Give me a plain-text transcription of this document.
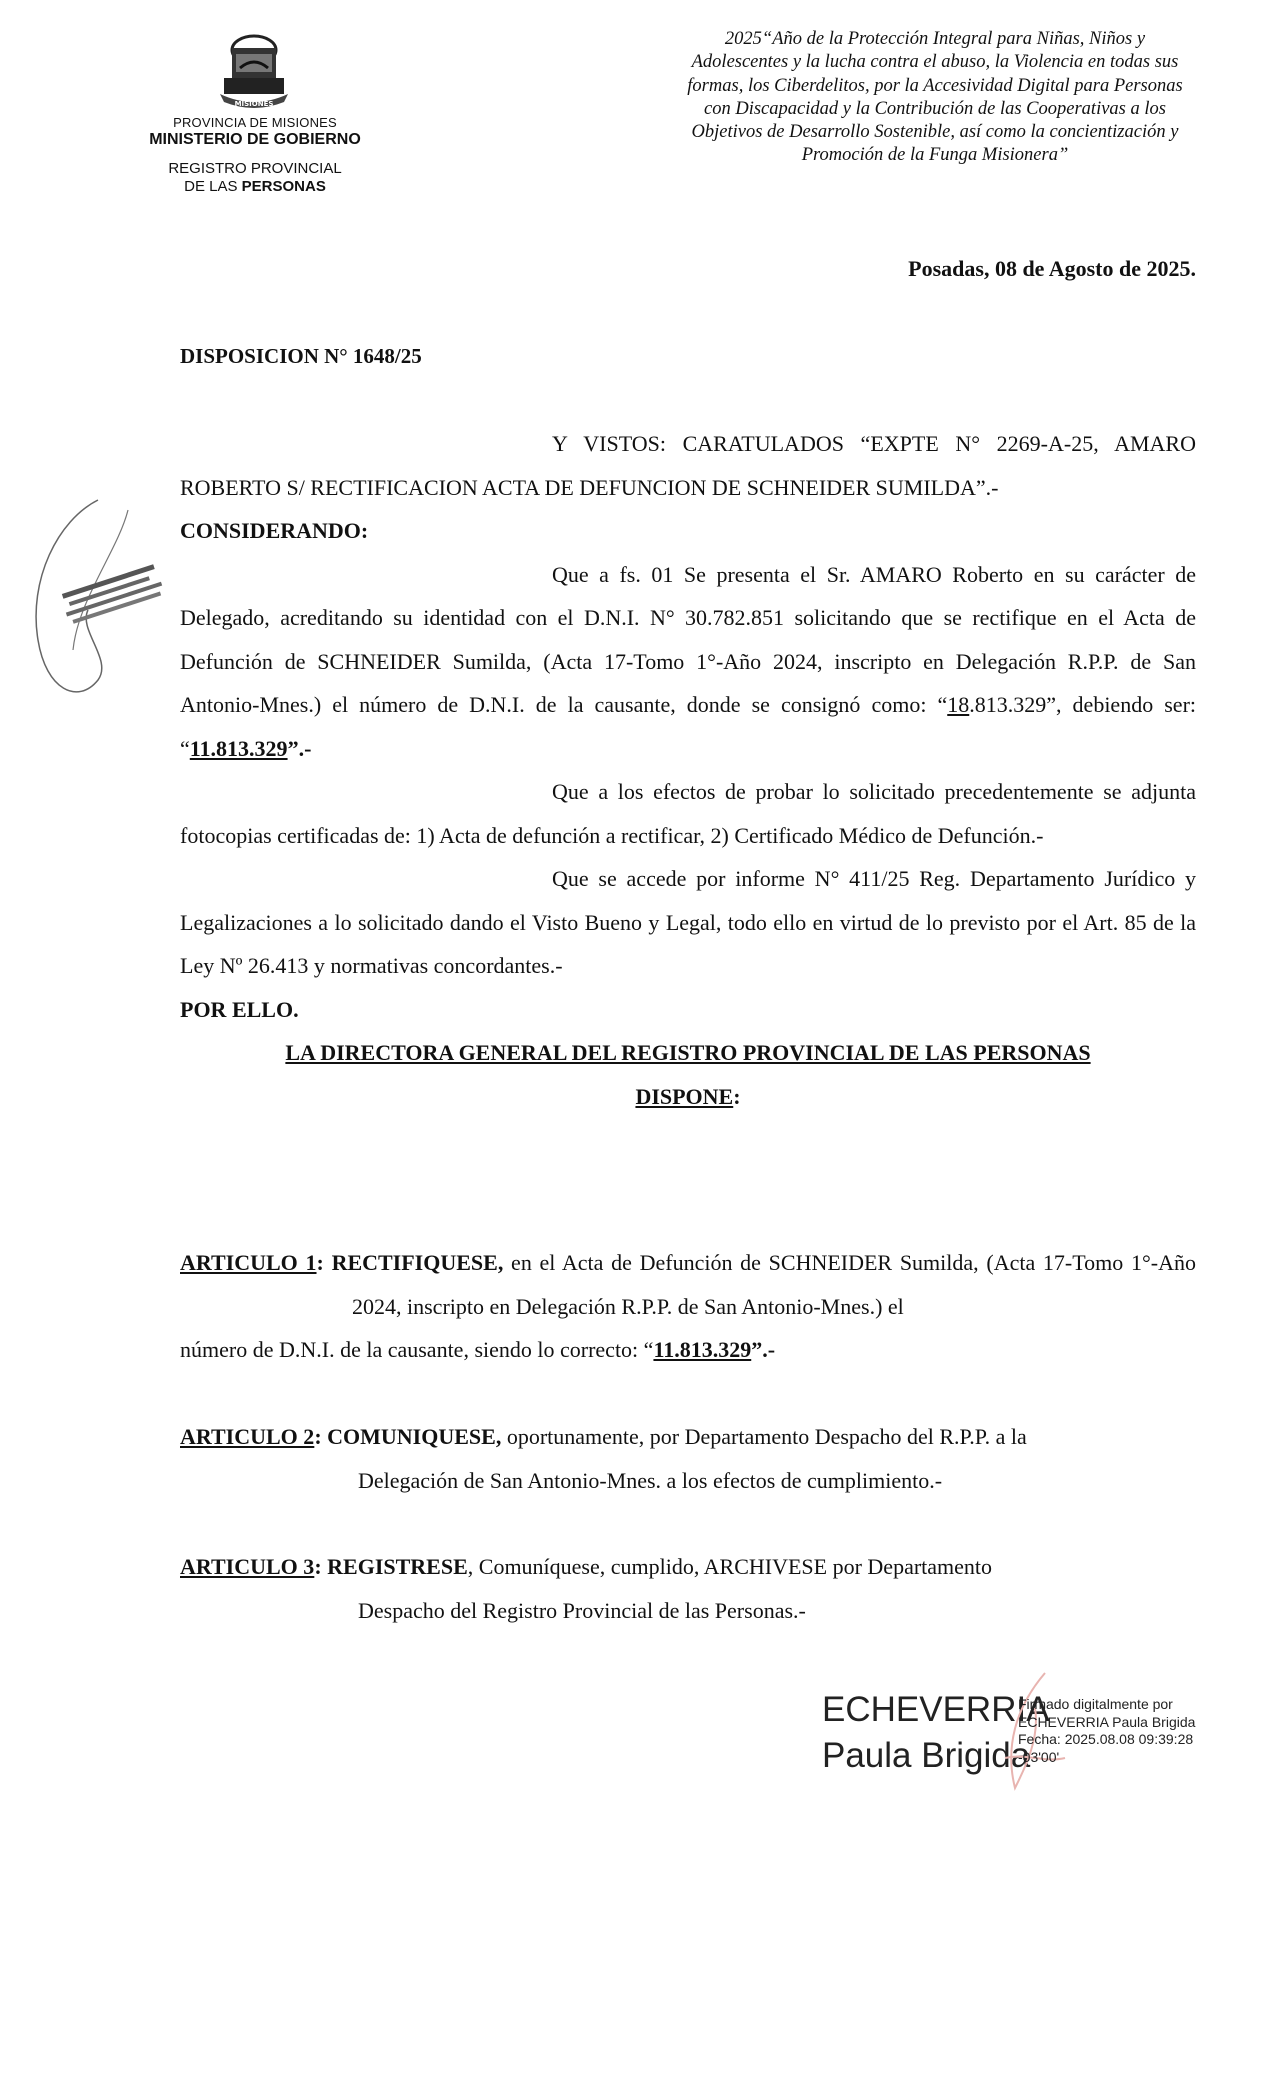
MISIONES
PROVINCIA DE MISIONES
MINISTERIO DE GOBIERNO
REGISTRO PROVINCIAL
DE LAS PERSONAS
2025“Año de la Protección Integral para Niñas, Niños y Adolescentes y la lucha contra el abuso, la Violencia en todas sus formas, los Ciberdelitos, por la Accesividad Digital para Personas con Discapacidad y la Contribución de las Cooperativas a los Objetivos de Desarrollo Sostenible, así como la concientización y Promoción de la Funga Misionera”
Posadas, 08 de Agosto de 2025.
DISPOSICION N° 1648/25

Y VISTOS: CARATULADOS “EXPTE N° 2269-A-25, AMARO ROBERTO S/ RECTIFICACION ACTA DE DEFUNCION DE SCHNEIDER SUMILDA”.-

CONSIDERANDO:

Que a fs. 01 Se presenta el Sr. AMARO Roberto en su carácter de Delegado, acreditando su identidad con el D.N.I. N° 30.782.851 solicitando que se rectifique en el Acta de Defunción de SCHNEIDER Sumilda, (Acta 17-Tomo 1°-Año 2024, inscripto en Delegación R.P.P. de San Antonio-Mnes.) el número de D.N.I. de la causante, donde se consignó como: “18.813.329”, debiendo ser: “11.813.329”.-

Que a los efectos de probar lo solicitado precedentemente se adjunta fotocopias certificadas de: 1) Acta de defunción a rectificar, 2) Certificado Médico de Defunción.-

Que se accede por informe N° 411/25 Reg. Departamento Jurídico y Legalizaciones a lo solicitado dando el Visto Bueno y Legal, todo ello en virtud de lo previsto por el Art. 85 de la Ley Nº 26.413 y normativas concordantes.-

POR ELLO.

LA DIRECTORA GENERAL DEL REGISTRO PROVINCIAL DE LAS PERSONAS

DISPONE:

ARTICULO 1: RECTIFIQUESE, en el Acta de Defunción de SCHNEIDER Sumilda, (Acta 17-Tomo 1°-Año 2024, inscripto en Delegación R.P.P. de San Antonio-Mnes.) el

número de D.N.I. de la causante, siendo lo correcto: “11.813.329”.-

ARTICULO 2: COMUNIQUESE, oportunamente, por Departamento Despacho del R.P.P. a la

Delegación de San Antonio-Mnes. a los efectos de cumplimiento.-

ARTICULO 3: REGISTRESE, Comuníquese, cumplido, ARCHIVESE por Departamento

Despacho del Registro Provincial de las Personas.-

ECHEVERRIA
Paula Brigida
Firmado digitalmente por
ECHEVERRIA Paula Brigida
Fecha: 2025.08.08 09:39:28
-03'00'
